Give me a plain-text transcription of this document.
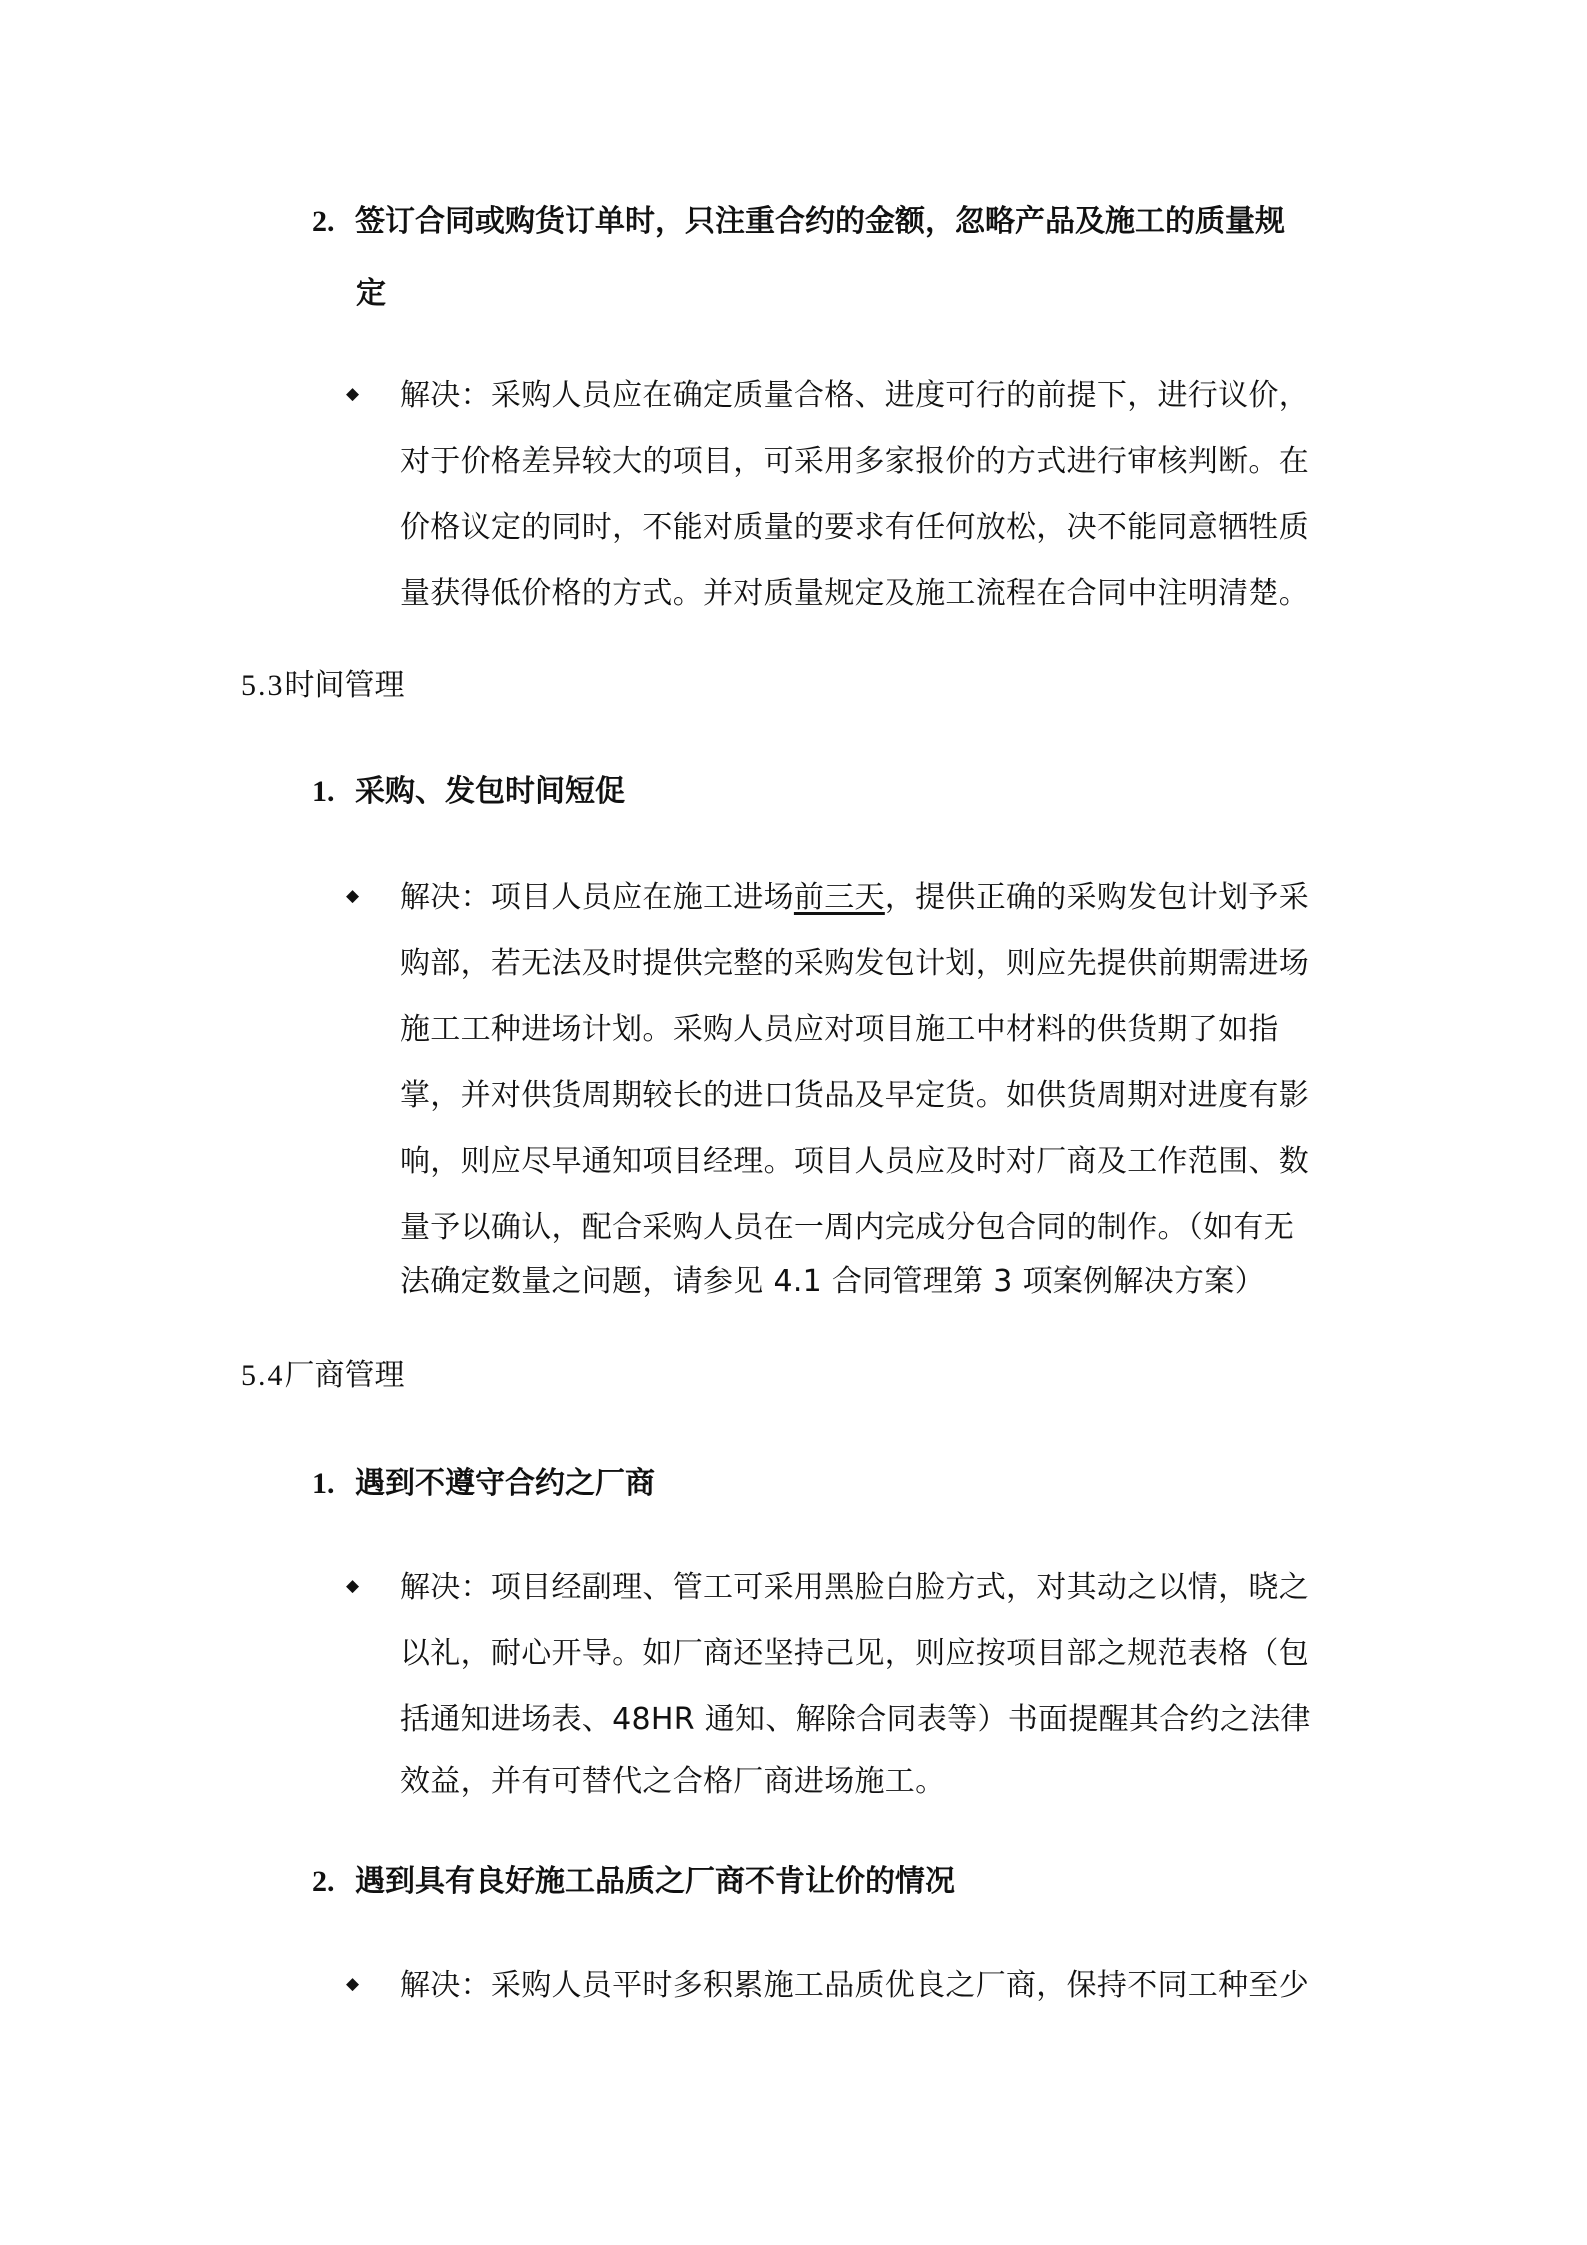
2. 签订合同或购货订单时，只注重合约的金额，忽略产品及施工的质量规
定
◆ 解决：采购人员应在确定质量合格、进度可行的前提下，进行议价，
对于价格差异较大的项目，可采用多家报价的方式进行审核判断。在
价格议定的同时，不能对质量的要求有任何放松，决不能同意牺牲质
量获得低价格的方式。并对质量规定及施工流程在合同中注明清楚。
5.3时间管理
1. 采购、发包时间短促
◆ 解决：项目人员应在施工进场前三天，提供正确的采购发包计划予采
购部，若无法及时提供完整的采购发包计划，则应先提供前期需进场
施工工种进场计划。采购人员应对项目施工中材料的供货期了如指
掌，并对供货周期较长的进口货品及早定货。如供货周期对进度有影
响，则应尽早通知项目经理。项目人员应及时对厂商及工作范围、数
量予以确认，配合采购人员在一周内完成分包合同的制作。（如有无
法确定数量之问题，请参见 4.1 合同管理第 3 项案例解决方案）
5.4厂商管理
1. 遇到不遵守合约之厂商
◆ 解决：项目经副理、管工可采用黑脸白脸方式，对其动之以情，晓之
以礼，耐心开导。如厂商还坚持己见，则应按项目部之规范表格（包
括通知进场表、48HR 通知、解除合同表等）书面提醒其合约之法律
效益，并有可替代之合格厂商进场施工。
2. 遇到具有良好施工品质之厂商不肯让价的情况
◆ 解决：采购人员平时多积累施工品质优良之厂商，保持不同工种至少
